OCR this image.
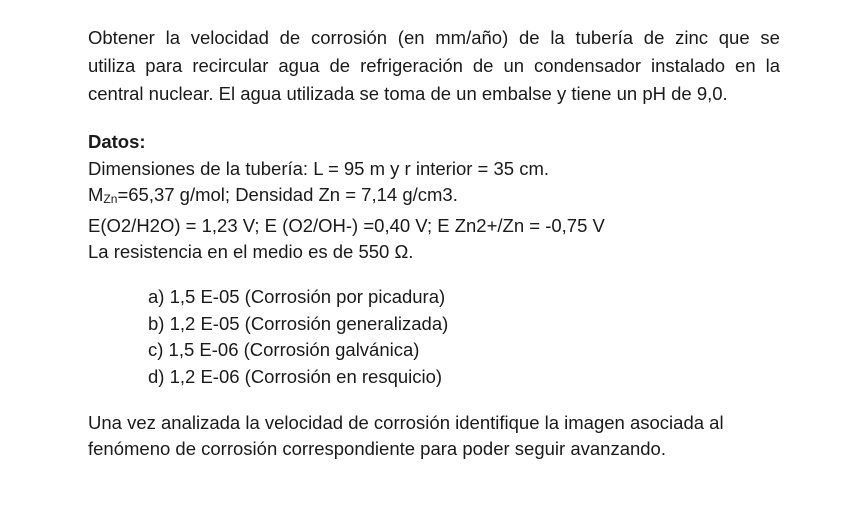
Obtener la velocidad de corrosión (en mm/año) de la tubería de zinc que se
utiliza para recircular agua de refrigeración de un condensador instalado en la
central nuclear. El agua utilizada se toma de un embalse y tiene un pH de 9,0.
Datos:
Dimensiones de la tubería: L = 95 m y r interior = 35 cm.
MZn=65,37 g/mol; Densidad Zn = 7,14 g/cm3.
E(O2/H2O) = 1,23 V; E (O2/OH-) =0,40 V; E Zn2+/Zn = -0,75 V
La resistencia en el medio es de 550 Ω.
a) 1,5 E-05 (Corrosión por picadura)
b) 1,2 E-05 (Corrosión generalizada)
c) 1,5 E-06 (Corrosión galvánica)
d) 1,2 E-06 (Corrosión en resquicio)
Una vez analizada la velocidad de corrosión identifique la imagen asociada al
fenómeno de corrosión correspondiente para poder seguir avanzando.
